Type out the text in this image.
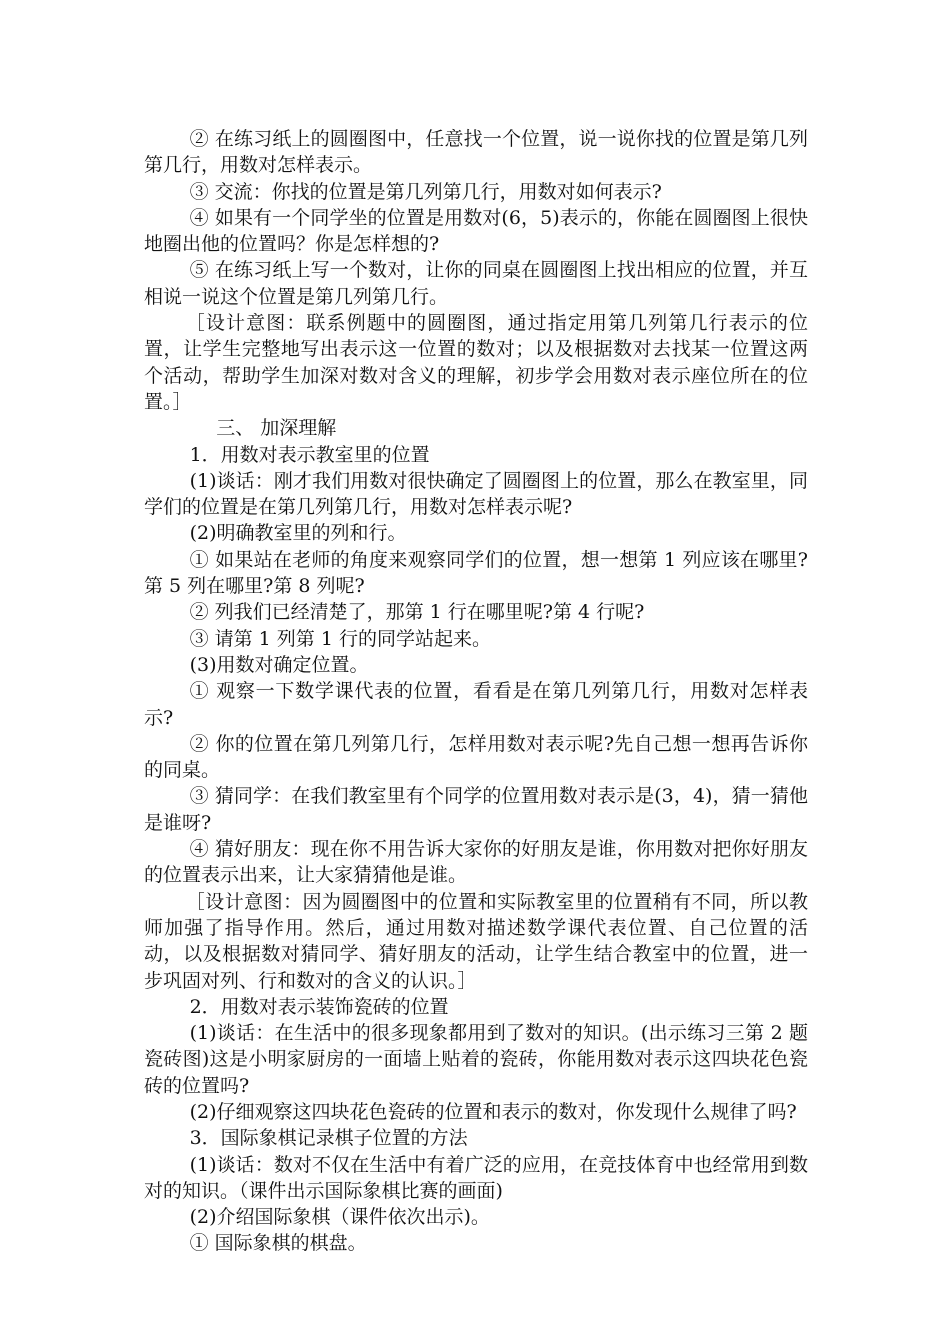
② 在练习纸上的圆圈图中，任意找一个位置，说一说你找的位置是第几列第几行，用数对怎样表示。

③ 交流：你找的位置是第几列第几行，用数对如何表示?

④ 如果有一个同学坐的位置是用数对(6，5)表示的，你能在圆圈图上很快地圈出他的位置吗？你是怎样想的?

⑤ 在练习纸上写一个数对，让你的同桌在圆圈图上找出相应的位置，并互相说一说这个位置是第几列第几行。

［设计意图：联系例题中的圆圈图，通过指定用第几列第几行表示的位置，让学生完整地写出表示这一位置的数对；以及根据数对去找某一位置这两个活动，帮助学生加深对数对含义的理解，初步学会用数对表示座位所在的位置。］

三、 加深理解

1．用数对表示教室里的位置

(1)谈话：刚才我们用数对很快确定了圆圈图上的位置，那么在教室里，同学们的位置是在第几列第几行，用数对怎样表示呢?

(2)明确教室里的列和行。

① 如果站在老师的角度来观察同学们的位置，想一想第 1 列应该在哪里?第 5 列在哪里?第 8 列呢?

② 列我们已经清楚了，那第 1 行在哪里呢?第 4 行呢?

③ 请第 1 列第 1 行的同学站起来。

(3)用数对确定位置。

① 观察一下数学课代表的位置，看看是在第几列第几行，用数对怎样表示?

② 你的位置在第几列第几行，怎样用数对表示呢?先自己想一想再告诉你的同桌。

③ 猜同学：在我们教室里有个同学的位置用数对表示是(3，4)，猜一猜他是谁呀?

④ 猜好朋友：现在你不用告诉大家你的好朋友是谁，你用数对把你好朋友的位置表示出来，让大家猜猜他是谁。

［设计意图：因为圆圈图中的位置和实际教室里的位置稍有不同，所以教师加强了指导作用。然后，通过用数对描述数学课代表位置、自己位置的活动，以及根据数对猜同学、猜好朋友的活动，让学生结合教室中的位置，进一步巩固对列、行和数对的含义的认识。］

2．用数对表示装饰瓷砖的位置

(1)谈话：在生活中的很多现象都用到了数对的知识。(出示练习三第 2 题瓷砖图)这是小明家厨房的一面墙上贴着的瓷砖，你能用数对表示这四块花色瓷砖的位置吗?

(2)仔细观察这四块花色瓷砖的位置和表示的数对，你发现什么规律了吗?

3．国际象棋记录棋子位置的方法

(1)谈话：数对不仅在生活中有着广泛的应用，在竞技体育中也经常用到数对的知识。（课件出示国际象棋比赛的画面)

(2)介绍国际象棋（课件依次出示)。

① 国际象棋的棋盘。
